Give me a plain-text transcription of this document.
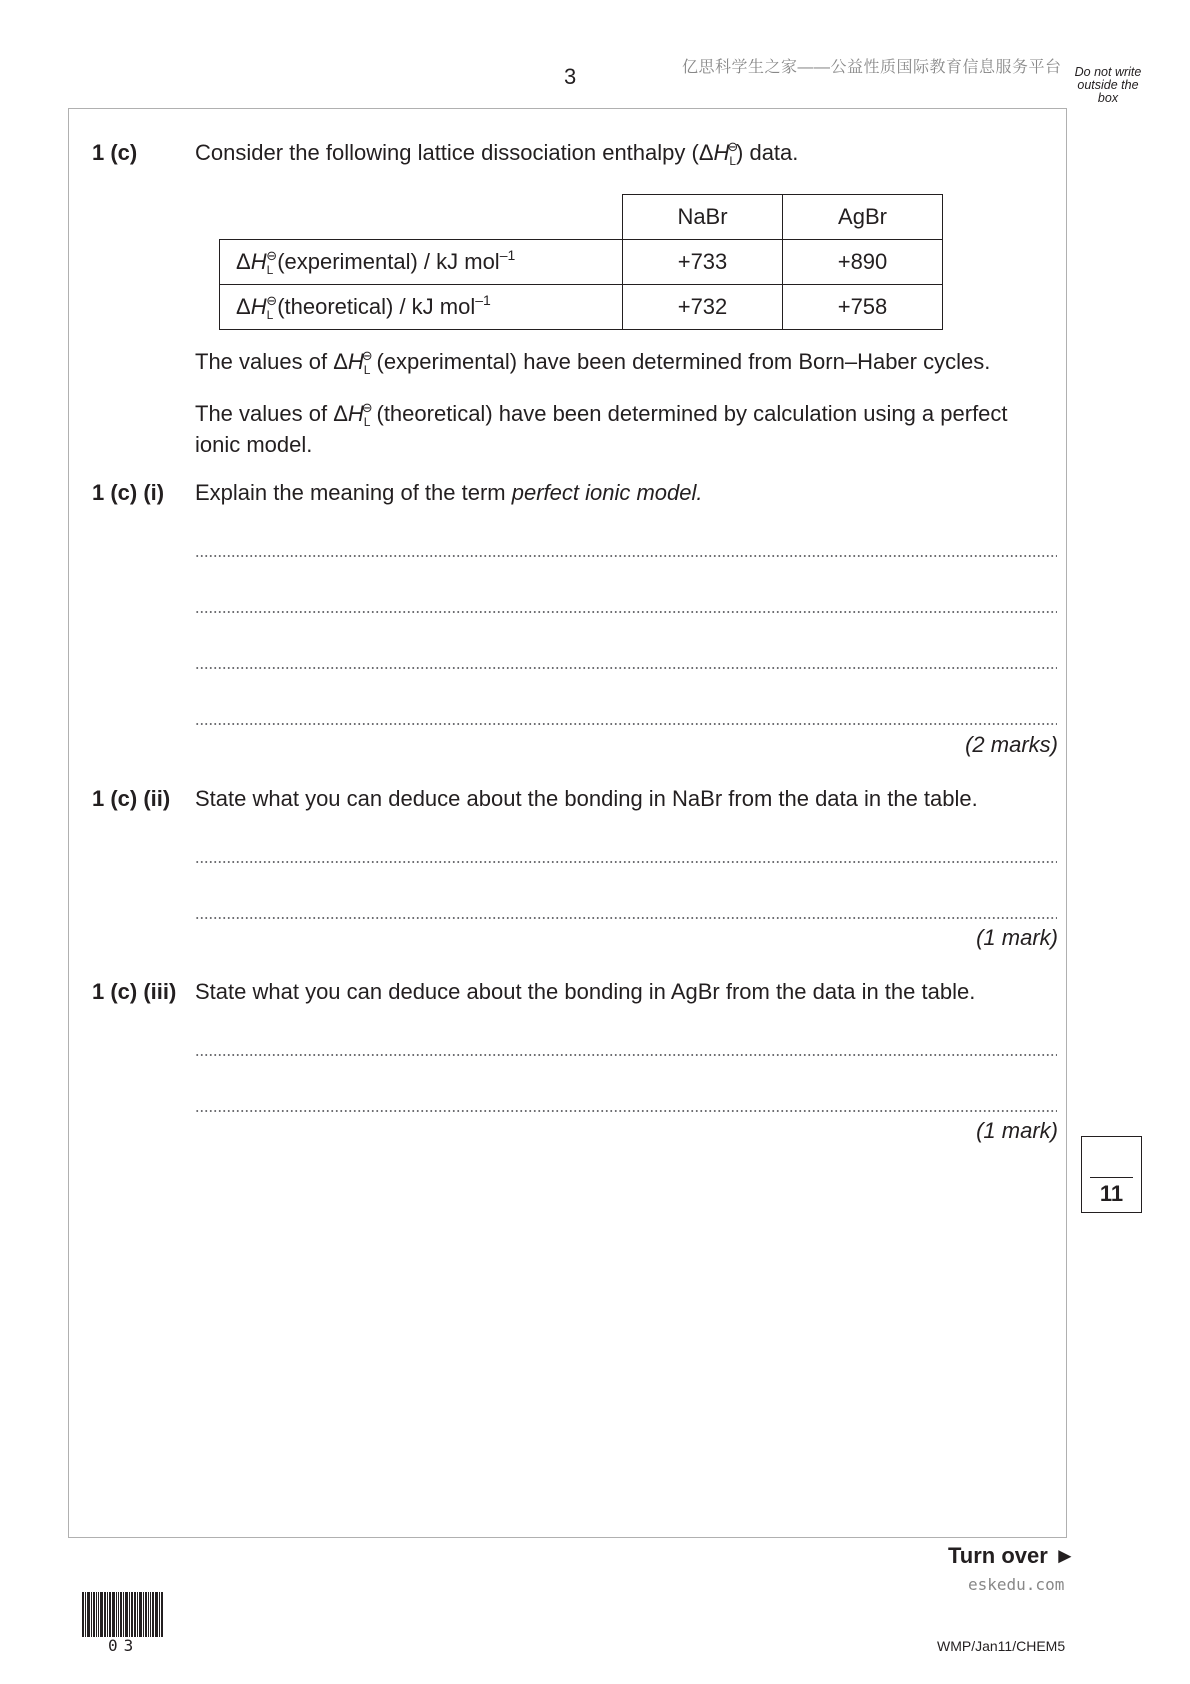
3	亿思科学生之家——公益性质国际教育信息服务平台	Do not write outside the box
1 (c)	Consider the following lattice dissociation enthalpy $(\Delta H^⊖_L)$ data.
	NaBr	AgBr
$\Delta H_L^⊖(experimental)$ / kJ mol$^{-1}$	+733	+890
$\Delta H_L^⊖(theoretical)$ / kJ mol$^{-1}$	+732	+758
The values of $\Delta H^⊖_L$ (experimental) have been determined from Born–Haber cycles.
The values of $\Delta H^⊖_L$ (theoretical) have been determined by calculation using a perfect ionic model.
1 (c) (i) Explain the meaning of the term perfect ionic model.
(2 marks)
1 (c) (ii) State what you can deduce about the bonding in NaBr from the data in the table.
(1 mark)
1 (c) (iii) State what you can deduce about the bonding in AgBr from the data in the table.
(1 mark)
11
Turn over ►
eskedu.com
WMP/Jan11/CHEM5
03
